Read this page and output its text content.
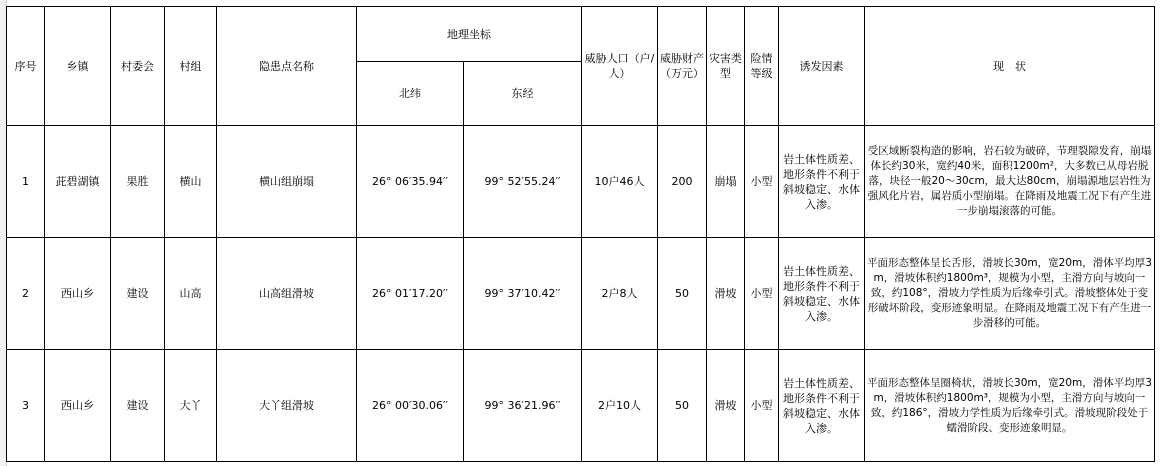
序号	乡镇	村委会	村组	隐患点名称	地理坐标		威胁人口（户/人）	威胁财产（万元）	灾害类型	险情等级	诱发因素	现　状
					北纬	东经						
1	茈碧湖镇	果胜	横山	横山组崩塌	26° 06′35.94′′	99° 52′55.24′′	10户46人	200	崩塌	小型	岩土体性质差、地形条件不利于斜坡稳定、水体入渗。	受区域断裂构造的影响，岩石较为破碎，节理裂隙发育，崩塌体长约30米，宽约40米，面积1200m²，大多数已从母岩脱落，块径一般20～30cm，最大达80cm，崩塌源地层岩性为强风化片岩，属岩质小型崩塌。在降雨及地震工况下有产生进一步崩塌滚落的可能。
2	西山乡	建设	山高	山高组滑坡	26° 01′17.20′′	99° 37′10.42′′	2户8人	50	滑坡	小型	岩土体性质差、地形条件不利于斜坡稳定、水体入渗。	平面形态整体呈长舌形，滑坡长30m，宽20m，滑体平均厚3m，滑坡体积约1800m³，规模为小型，主滑方向与坡向一致，约108°，滑坡力学性质为后缘牵引式。滑坡整体处于变形破坏阶段，变形迹象明显。在降雨及地震工况下有产生进一步滑移的可能。
3	西山乡	建设	大丫	大丫组滑坡	26° 00′30.06′′	99° 36′21.96′′	2户10人	50	滑坡	小型	岩土体性质差、地形条件不利于斜坡稳定、水体入渗。	平面形态整体呈圈椅状，滑坡长30m，宽20m，滑体平均厚3m，滑坡体积约1800m³，规模为小型，主滑方向与坡向一致，约186°，滑坡力学性质为后缘牵引式。滑坡现阶段处于蠕滑阶段、变形迹象明显。
